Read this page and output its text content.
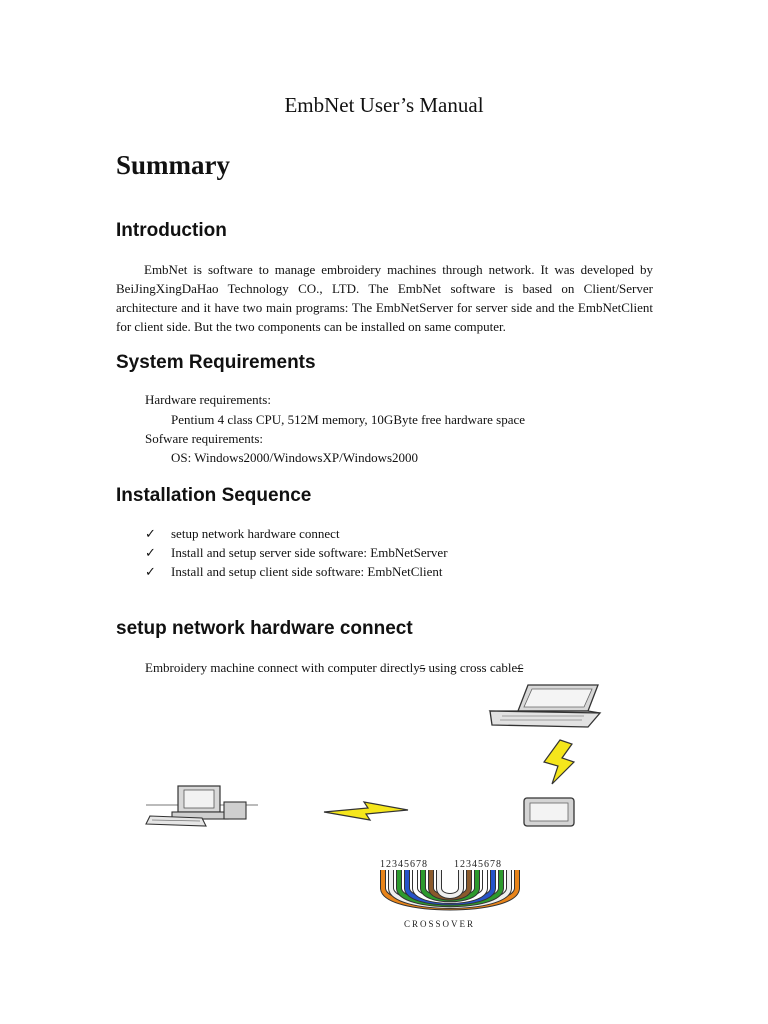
EmbNet User’s Manual
Summary
Introduction

EmbNet is software to manage embroidery machines through network. It was developed by BeiJingXingDaHao Technology CO., LTD. The EmbNet software is based on Client/Server architecture and it have two main programs: The EmbNetServer for server side and the EmbNetClient for client side. But the two components can be installed on same computer.

System Requirements
Hardware requirements:
Pentium 4 class CPU, 512M memory, 10GByte free hardware space
Sofware requirements:
OS: Windows2000/WindowsXP/Windows2000
Installation Sequence
✓ setup network hardware connect
✓ Install and setup server side software: EmbNetServer
✓ Install and setup client side software: EmbNetClient
setup network hardware connect
Embroidery machine connect with computer directly5 using cross cable£
12345678	12345678
CROSSOVER
